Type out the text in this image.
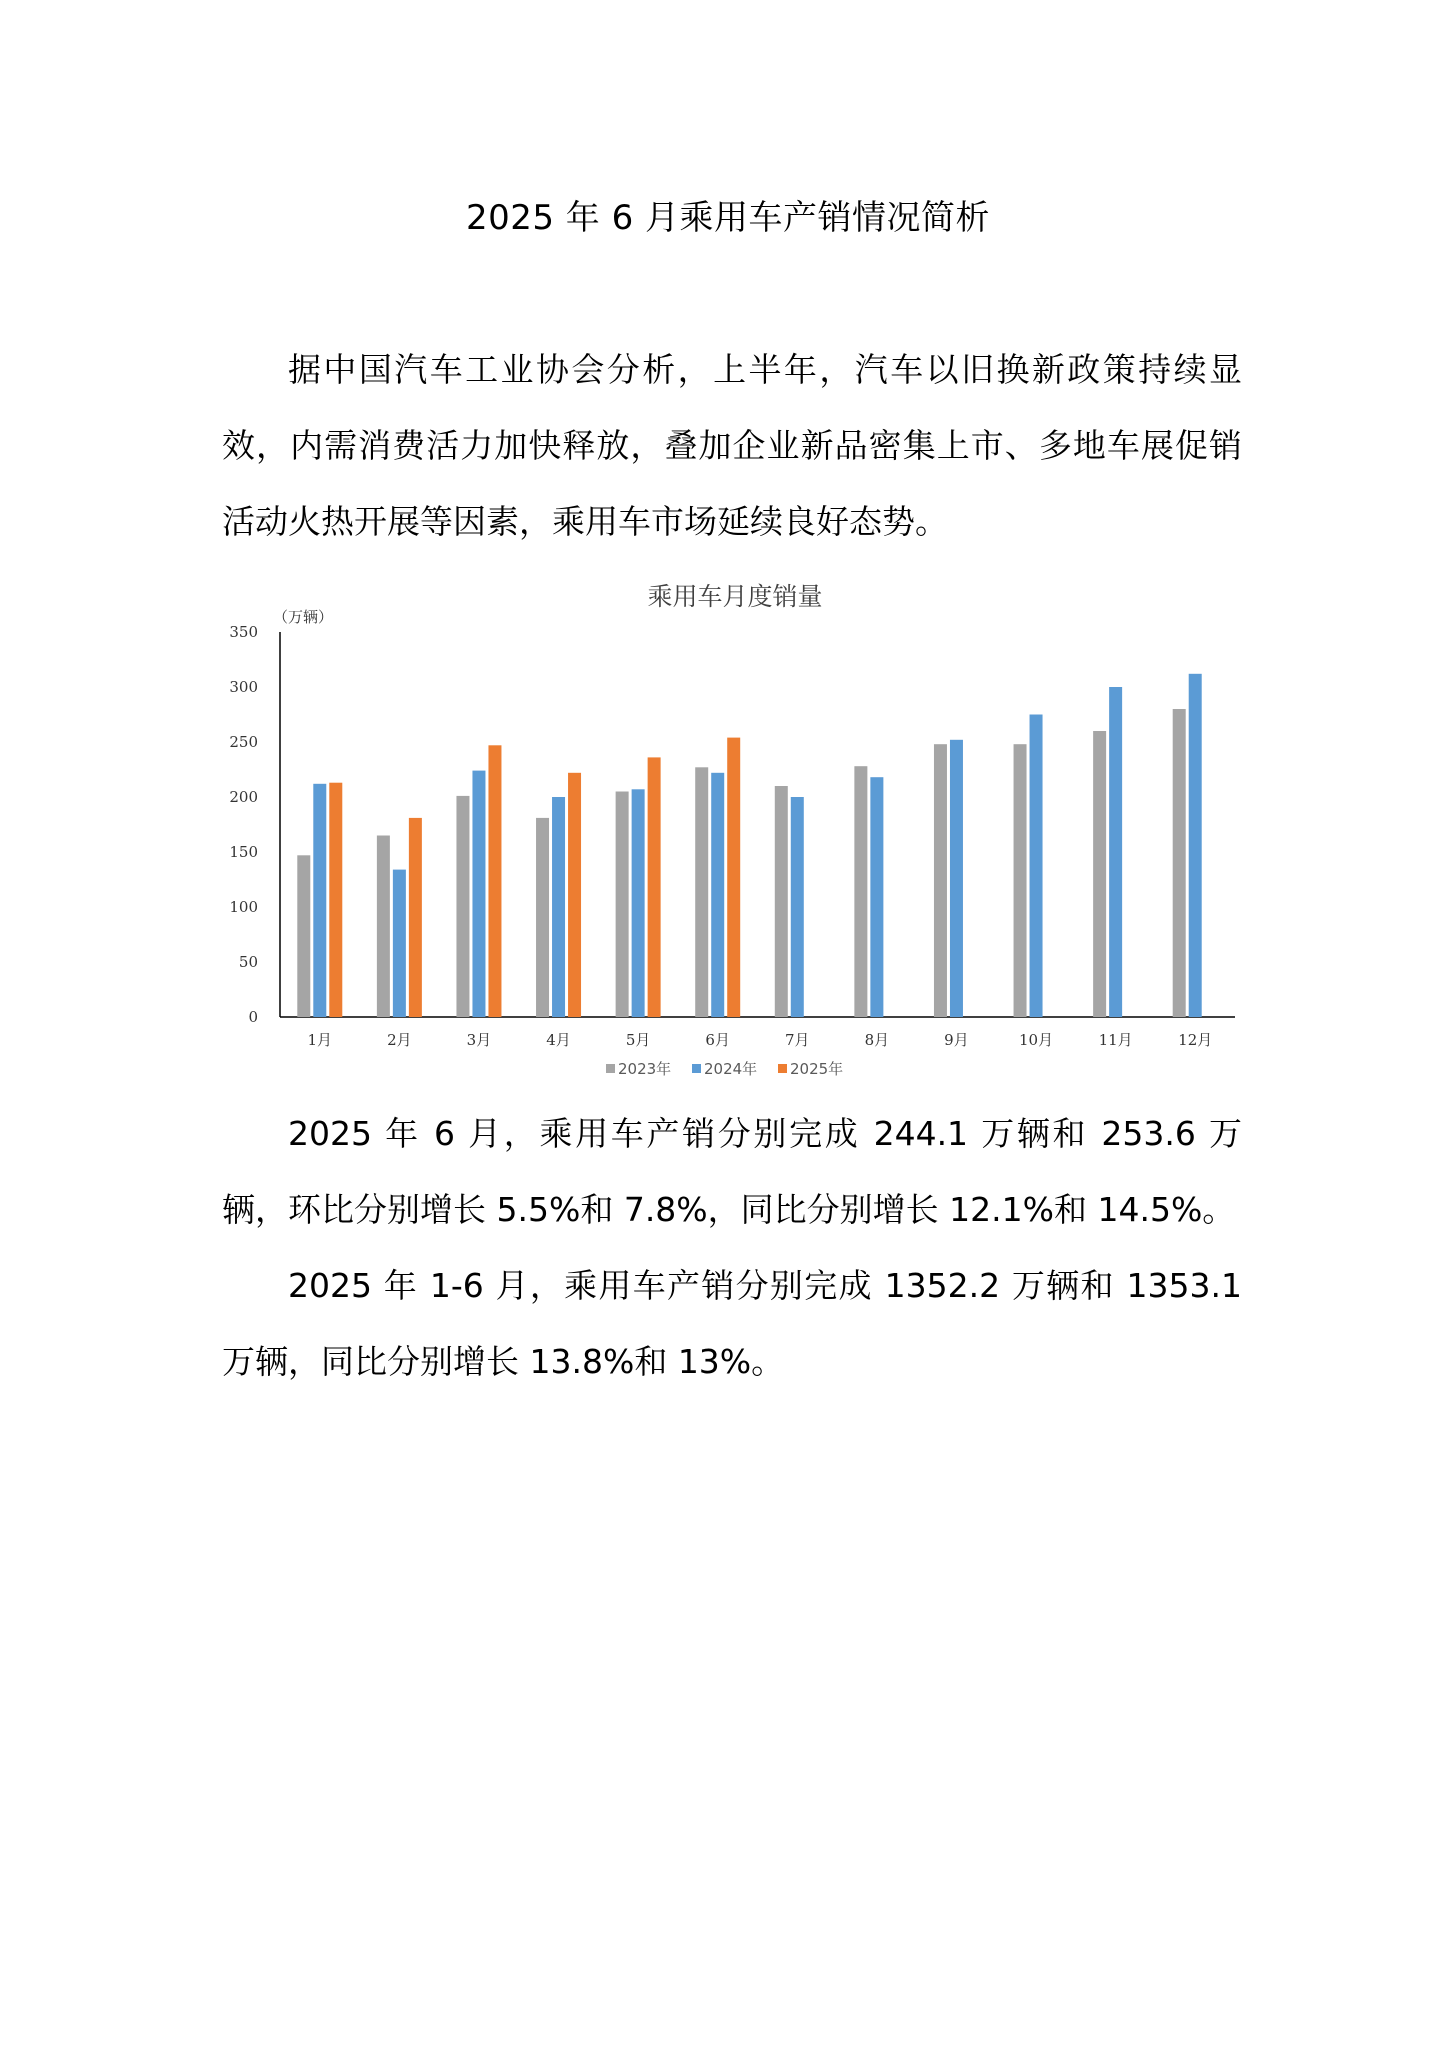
2025 年 6 月乘用车产销情况简析

据中国汽车工业协会分析，上半年，汽车以旧换新政策持续显效，内需消费活力加快释放，叠加企业新品密集上市、多地车展促销活动火热开展等因素，乘用车市场延续良好态势。

乘用车月度销量
（万辆）
0
50
100
150
200
250
300
350
1月	2月	3月	4月	5月	6月	7月	8月	9月	10月	11月	12月
2023年 2024年 2025年

2025 年 6 月，乘用车产销分别完成 244.1 万辆和 253.6 万辆，环比分别增长 5.5%和 7.8%，同比分别增长 12.1%和 14.5%。

2025 年 1-6 月，乘用车产销分别完成 1352.2 万辆和 1353.1 万辆，同比分别增长 13.8%和 13%。
